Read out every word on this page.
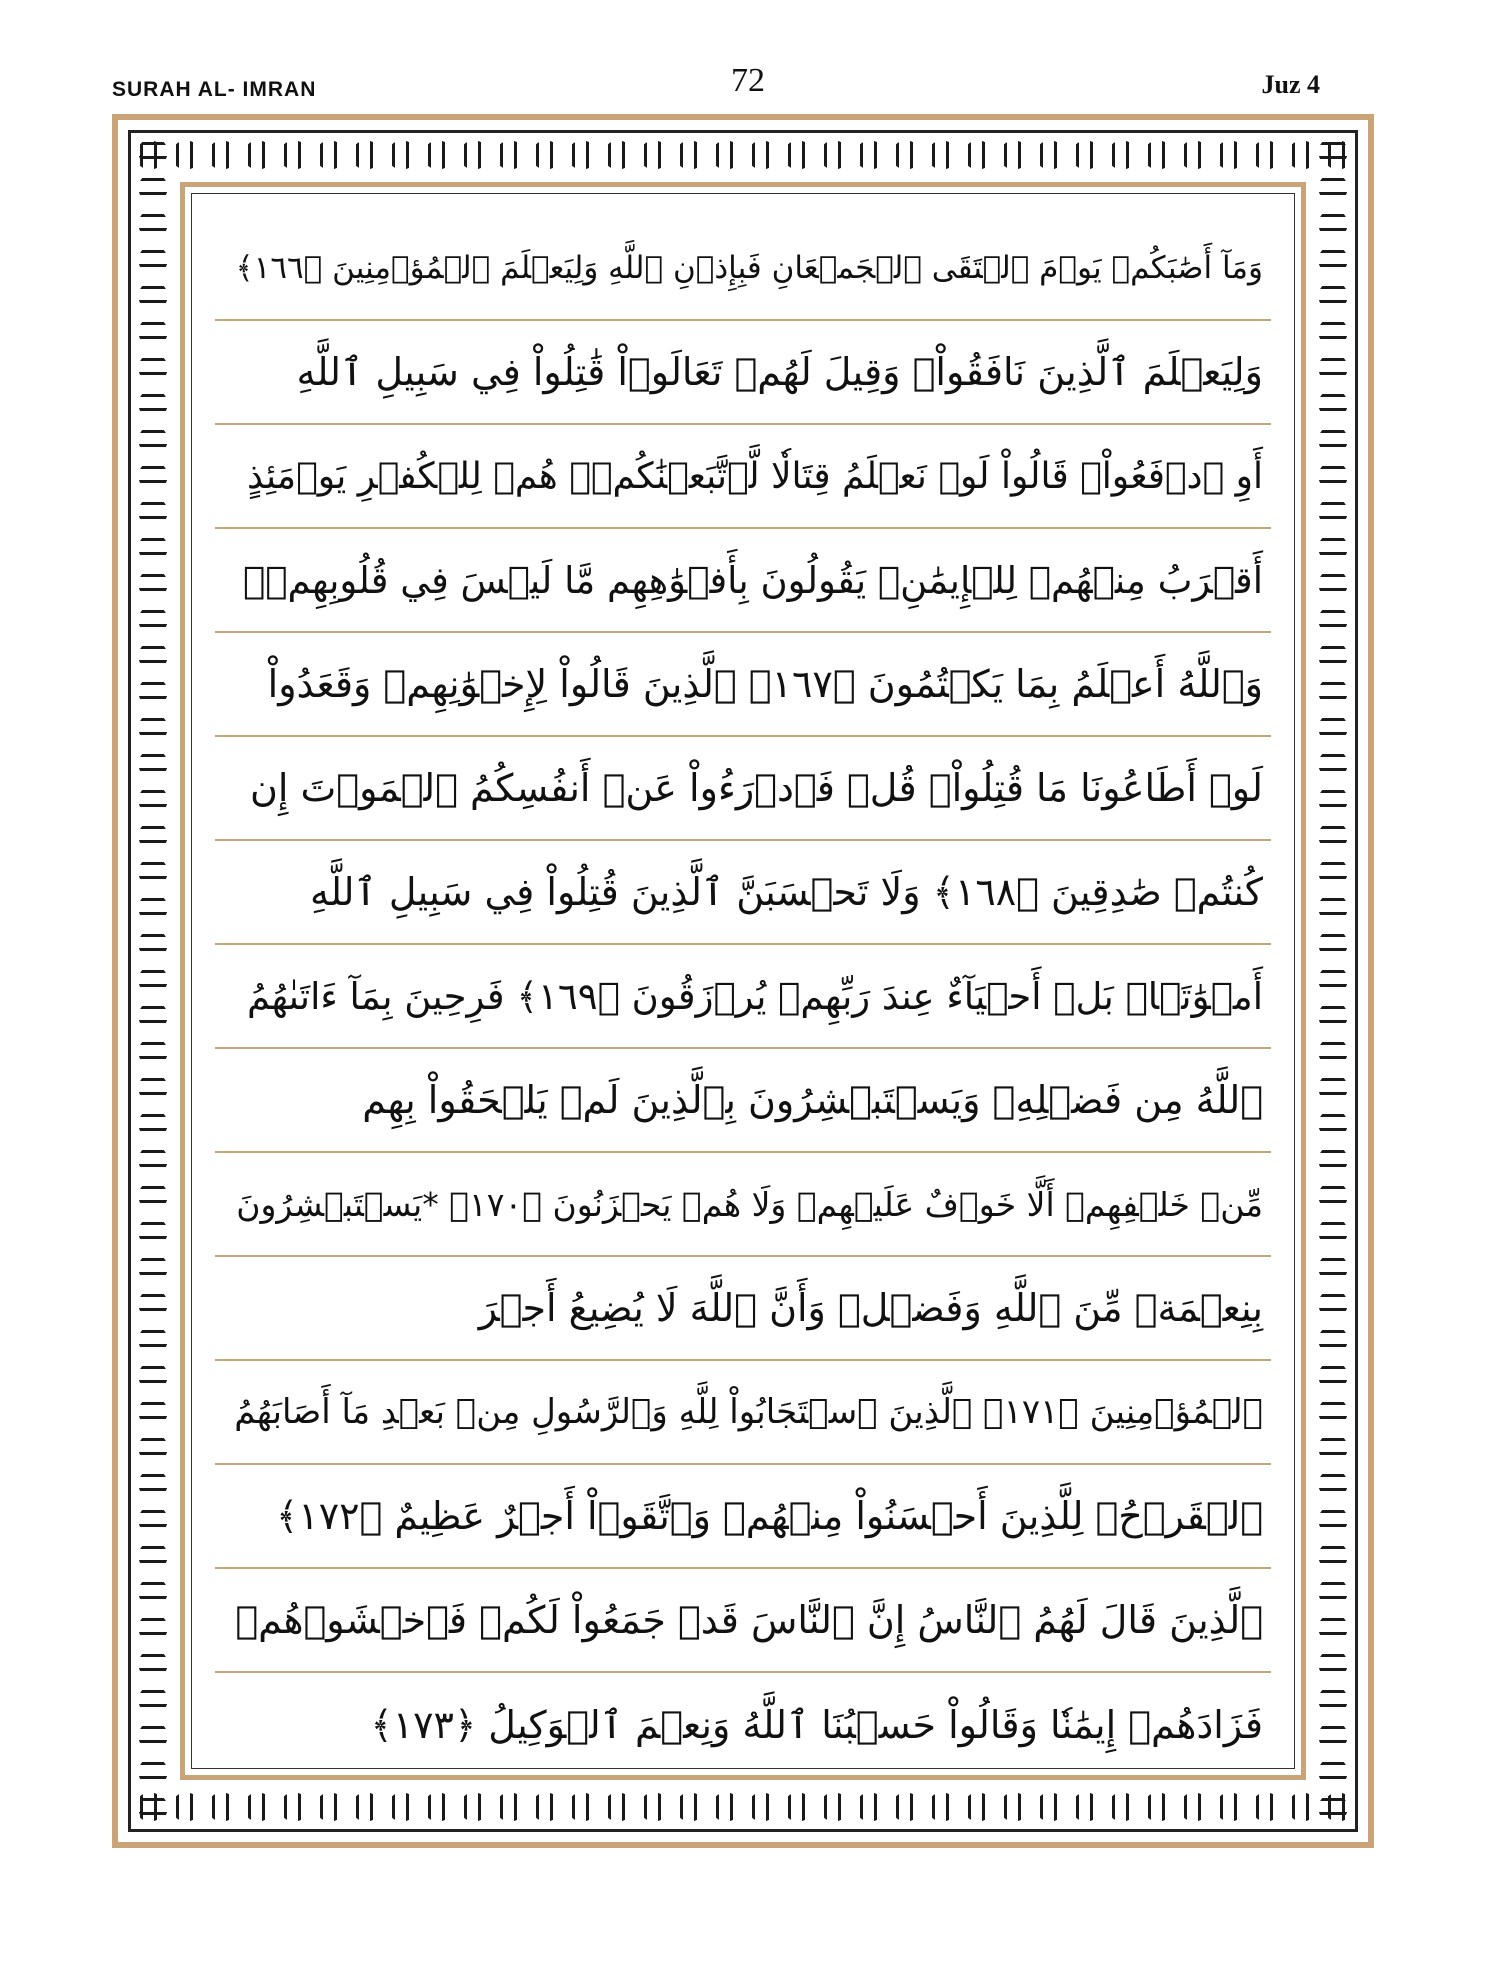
SURAH AL- IMRAN	72	Juz 4
وَمَآ أَصَٰبَكُمۡ يَوۡمَ ٱلۡتَقَى ٱلۡجَمۡعَانِ فَبِإِذۡنِ ٱللَّهِ وَلِيَعۡلَمَ ٱلۡمُؤۡمِنِينَ ﴿١٦٦﴾
وَلِيَعۡلَمَ ٱلَّذِينَ نَافَقُواْۚ وَقِيلَ لَهُمۡ تَعَالَوۡاْ قَٰتِلُواْ فِي سَبِيلِ ٱللَّهِ
أَوِ ٱدۡفَعُواْۖ قَالُواْ لَوۡ نَعۡلَمُ قِتَالٗا لَّٱتَّبَعۡنَٰكُمۡۗ هُمۡ لِلۡكُفۡرِ يَوۡمَئِذٍ
أَقۡرَبُ مِنۡهُمۡ لِلۡإِيمَٰنِۚ يَقُولُونَ بِأَفۡوَٰهِهِم مَّا لَيۡسَ فِي قُلُوبِهِمۡۚ
وَٱللَّهُ أَعۡلَمُ بِمَا يَكۡتُمُونَ ﴿١٦٧﴾ ٱلَّذِينَ قَالُواْ لِإِخۡوَٰنِهِمۡ وَقَعَدُواْ
لَوۡ أَطَاعُونَا مَا قُتِلُواْۗ قُلۡ فَٱدۡرَءُواْ عَنۡ أَنفُسِكُمُ ٱلۡمَوۡتَ إِن
كُنتُمۡ صَٰدِقِينَ ﴿١٦٨﴾ وَلَا تَحۡسَبَنَّ ٱلَّذِينَ قُتِلُواْ فِي سَبِيلِ ٱللَّهِ
أَمۡوَٰتَۢاۚ بَلۡ أَحۡيَآءٌ عِندَ رَبِّهِمۡ يُرۡزَقُونَ ﴿١٦٩﴾ فَرِحِينَ بِمَآ ءَاتَىٰهُمُ
ٱللَّهُ مِن فَضۡلِهِۦ وَيَسۡتَبۡشِرُونَ بِٱلَّذِينَ لَمۡ يَلۡحَقُواْ بِهِم
مِّنۡ خَلۡفِهِمۡ أَلَّا خَوۡفٌ عَلَيۡهِمۡ وَلَا هُمۡ يَحۡزَنُونَ ﴿١٧٠﴾ *يَسۡتَبۡشِرُونَ
بِنِعۡمَةٖ مِّنَ ٱللَّهِ وَفَضۡلٖ وَأَنَّ ٱللَّهَ لَا يُضِيعُ أَجۡرَ
ٱلۡمُؤۡمِنِينَ ﴿١٧١﴾ ٱلَّذِينَ ٱسۡتَجَابُواْ لِلَّهِ وَٱلرَّسُولِ مِنۢ بَعۡدِ مَآ أَصَابَهُمُ
ٱلۡقَرۡحُۚ لِلَّذِينَ أَحۡسَنُواْ مِنۡهُمۡ وَٱتَّقَوۡاْ أَجۡرٌ عَظِيمٌ ﴿١٧٢﴾
ٱلَّذِينَ قَالَ لَهُمُ ٱلنَّاسُ إِنَّ ٱلنَّاسَ قَدۡ جَمَعُواْ لَكُمۡ فَٱخۡشَوۡهُمۡ
فَزَادَهُمۡ إِيمَٰنٗا وَقَالُواْ حَسۡبُنَا ٱللَّهُ وَنِعۡمَ ٱلۡوَكِيلُ ﴿١٧٣﴾
